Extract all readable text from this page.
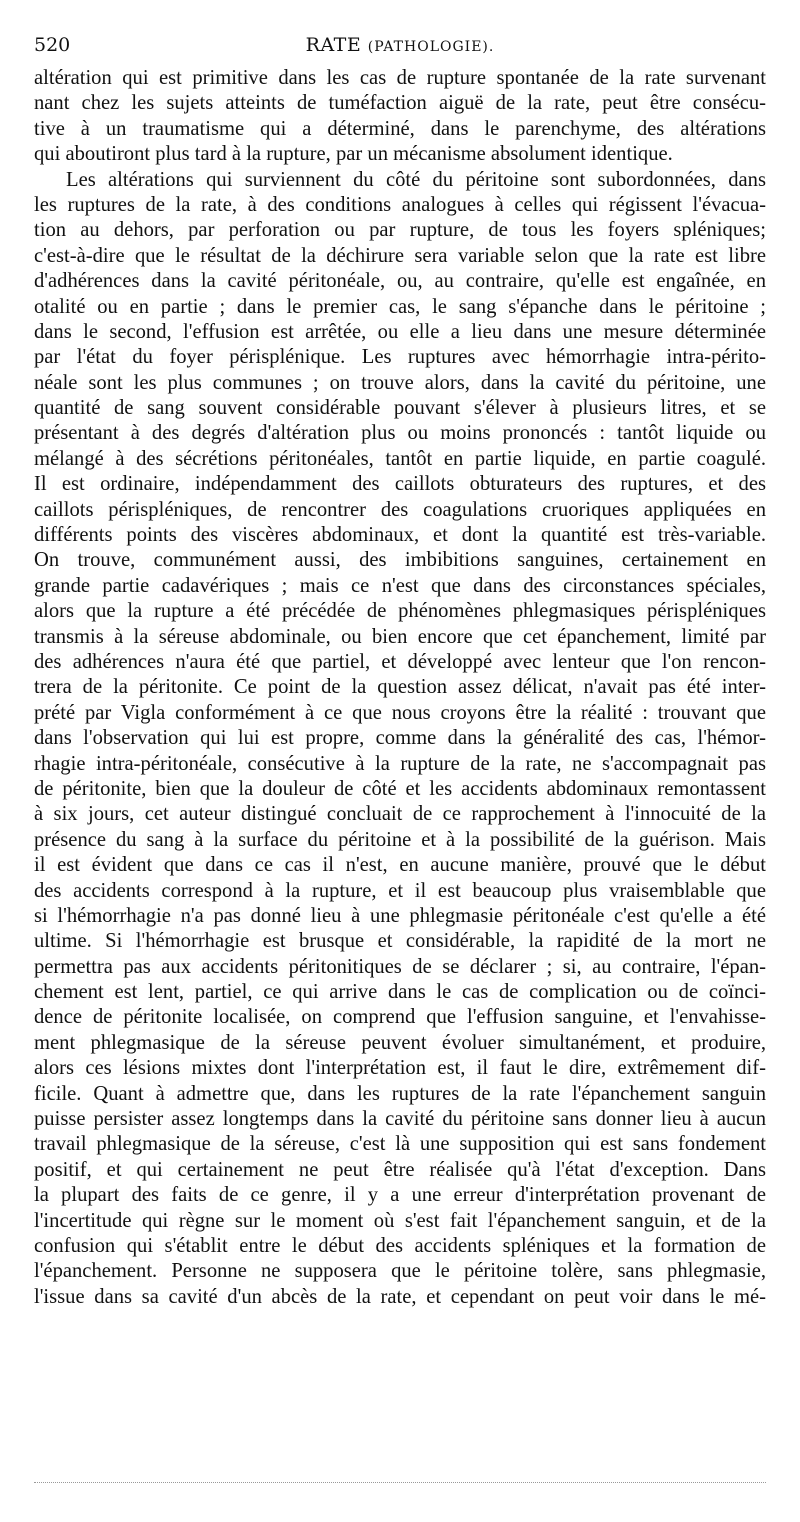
520	RATE (PATHOLOGIE).
altération qui est primitive dans les cas de rupture spontanée de la rate survenant
nant chez les sujets atteints de tuméfaction aiguë de la rate, peut être consécu-
tive à un traumatisme qui a déterminé, dans le parenchyme, des altérations
qui aboutiront plus tard à la rupture, par un mécanisme absolument identique.
Les altérations qui surviennent du côté du péritoine sont subordonnées, dans
les ruptures de la rate, à des conditions analogues à celles qui régissent l'évacua-
tion au dehors, par perforation ou par rupture, de tous les foyers spléniques;
c'est-à-dire que le résultat de la déchirure sera variable selon que la rate est libre
d'adhérences dans la cavité péritonéale, ou, au contraire, qu'elle est engaînée, en
otalité ou en partie ; dans le premier cas, le sang s'épanche dans le péritoine ;
dans le second, l'effusion est arrêtée, ou elle a lieu dans une mesure déterminée
par l'état du foyer périsplénique. Les ruptures avec hémorrhagie intra-périto-
néale sont les plus communes ; on trouve alors, dans la cavité du péritoine, une
quantité de sang souvent considérable pouvant s'élever à plusieurs litres, et se
présentant à des degrés d'altération plus ou moins prononcés : tantôt liquide ou
mélangé à des sécrétions péritonéales, tantôt en partie liquide, en partie coagulé.
Il est ordinaire, indépendamment des caillots obturateurs des ruptures, et des
caillots périspléniques, de rencontrer des coagulations cruoriques appliquées en
différents points des viscères abdominaux, et dont la quantité est très-variable.
On trouve, communément aussi, des imbibitions sanguines, certainement en
grande partie cadavériques ; mais ce n'est que dans des circonstances spéciales,
alors que la rupture a été précédée de phénomènes phlegmasiques périspléniques
transmis à la séreuse abdominale, ou bien encore que cet épanchement, limité par
des adhérences n'aura été que partiel, et développé avec lenteur que l'on rencon-
trera de la péritonite. Ce point de la question assez délicat, n'avait pas été inter-
prété par Vigla conformément à ce que nous croyons être la réalité : trouvant que
dans l'observation qui lui est propre, comme dans la généralité des cas, l'hémor-
rhagie intra-péritonéale, consécutive à la rupture de la rate, ne s'accompagnait pas
de péritonite, bien que la douleur de côté et les accidents abdominaux remontassent
à six jours, cet auteur distingué concluait de ce rapprochement à l'innocuité de la
présence du sang à la surface du péritoine et à la possibilité de la guérison. Mais
il est évident que dans ce cas il n'est, en aucune manière, prouvé que le début
des accidents correspond à la rupture, et il est beaucoup plus vraisemblable que
si l'hémorrhagie n'a pas donné lieu à une phlegmasie péritonéale c'est qu'elle a été
ultime. Si l'hémorrhagie est brusque et considérable, la rapidité de la mort ne
permettra pas aux accidents péritonitiques de se déclarer ; si, au contraire, l'épan-
chement est lent, partiel, ce qui arrive dans le cas de complication ou de coïnci-
dence de péritonite localisée, on comprend que l'effusion sanguine, et l'envahisse-
ment phlegmasique de la séreuse peuvent évoluer simultanément, et produire,
alors ces lésions mixtes dont l'interprétation est, il faut le dire, extrêmement dif-
ficile. Quant à admettre que, dans les ruptures de la rate l'épanchement sanguin
puisse persister assez longtemps dans la cavité du péritoine sans donner lieu à aucun
travail phlegmasique de la séreuse, c'est là une supposition qui est sans fondement
positif, et qui certainement ne peut être réalisée qu'à l'état d'exception. Dans
la plupart des faits de ce genre, il y a une erreur d'interprétation provenant de
l'incertitude qui règne sur le moment où s'est fait l'épanchement sanguin, et de la
confusion qui s'établit entre le début des accidents spléniques et la formation de
l'épanchement. Personne ne supposera que le péritoine tolère, sans phlegmasie,
l'issue dans sa cavité d'un abcès de la rate, et cependant on peut voir dans le mé-
